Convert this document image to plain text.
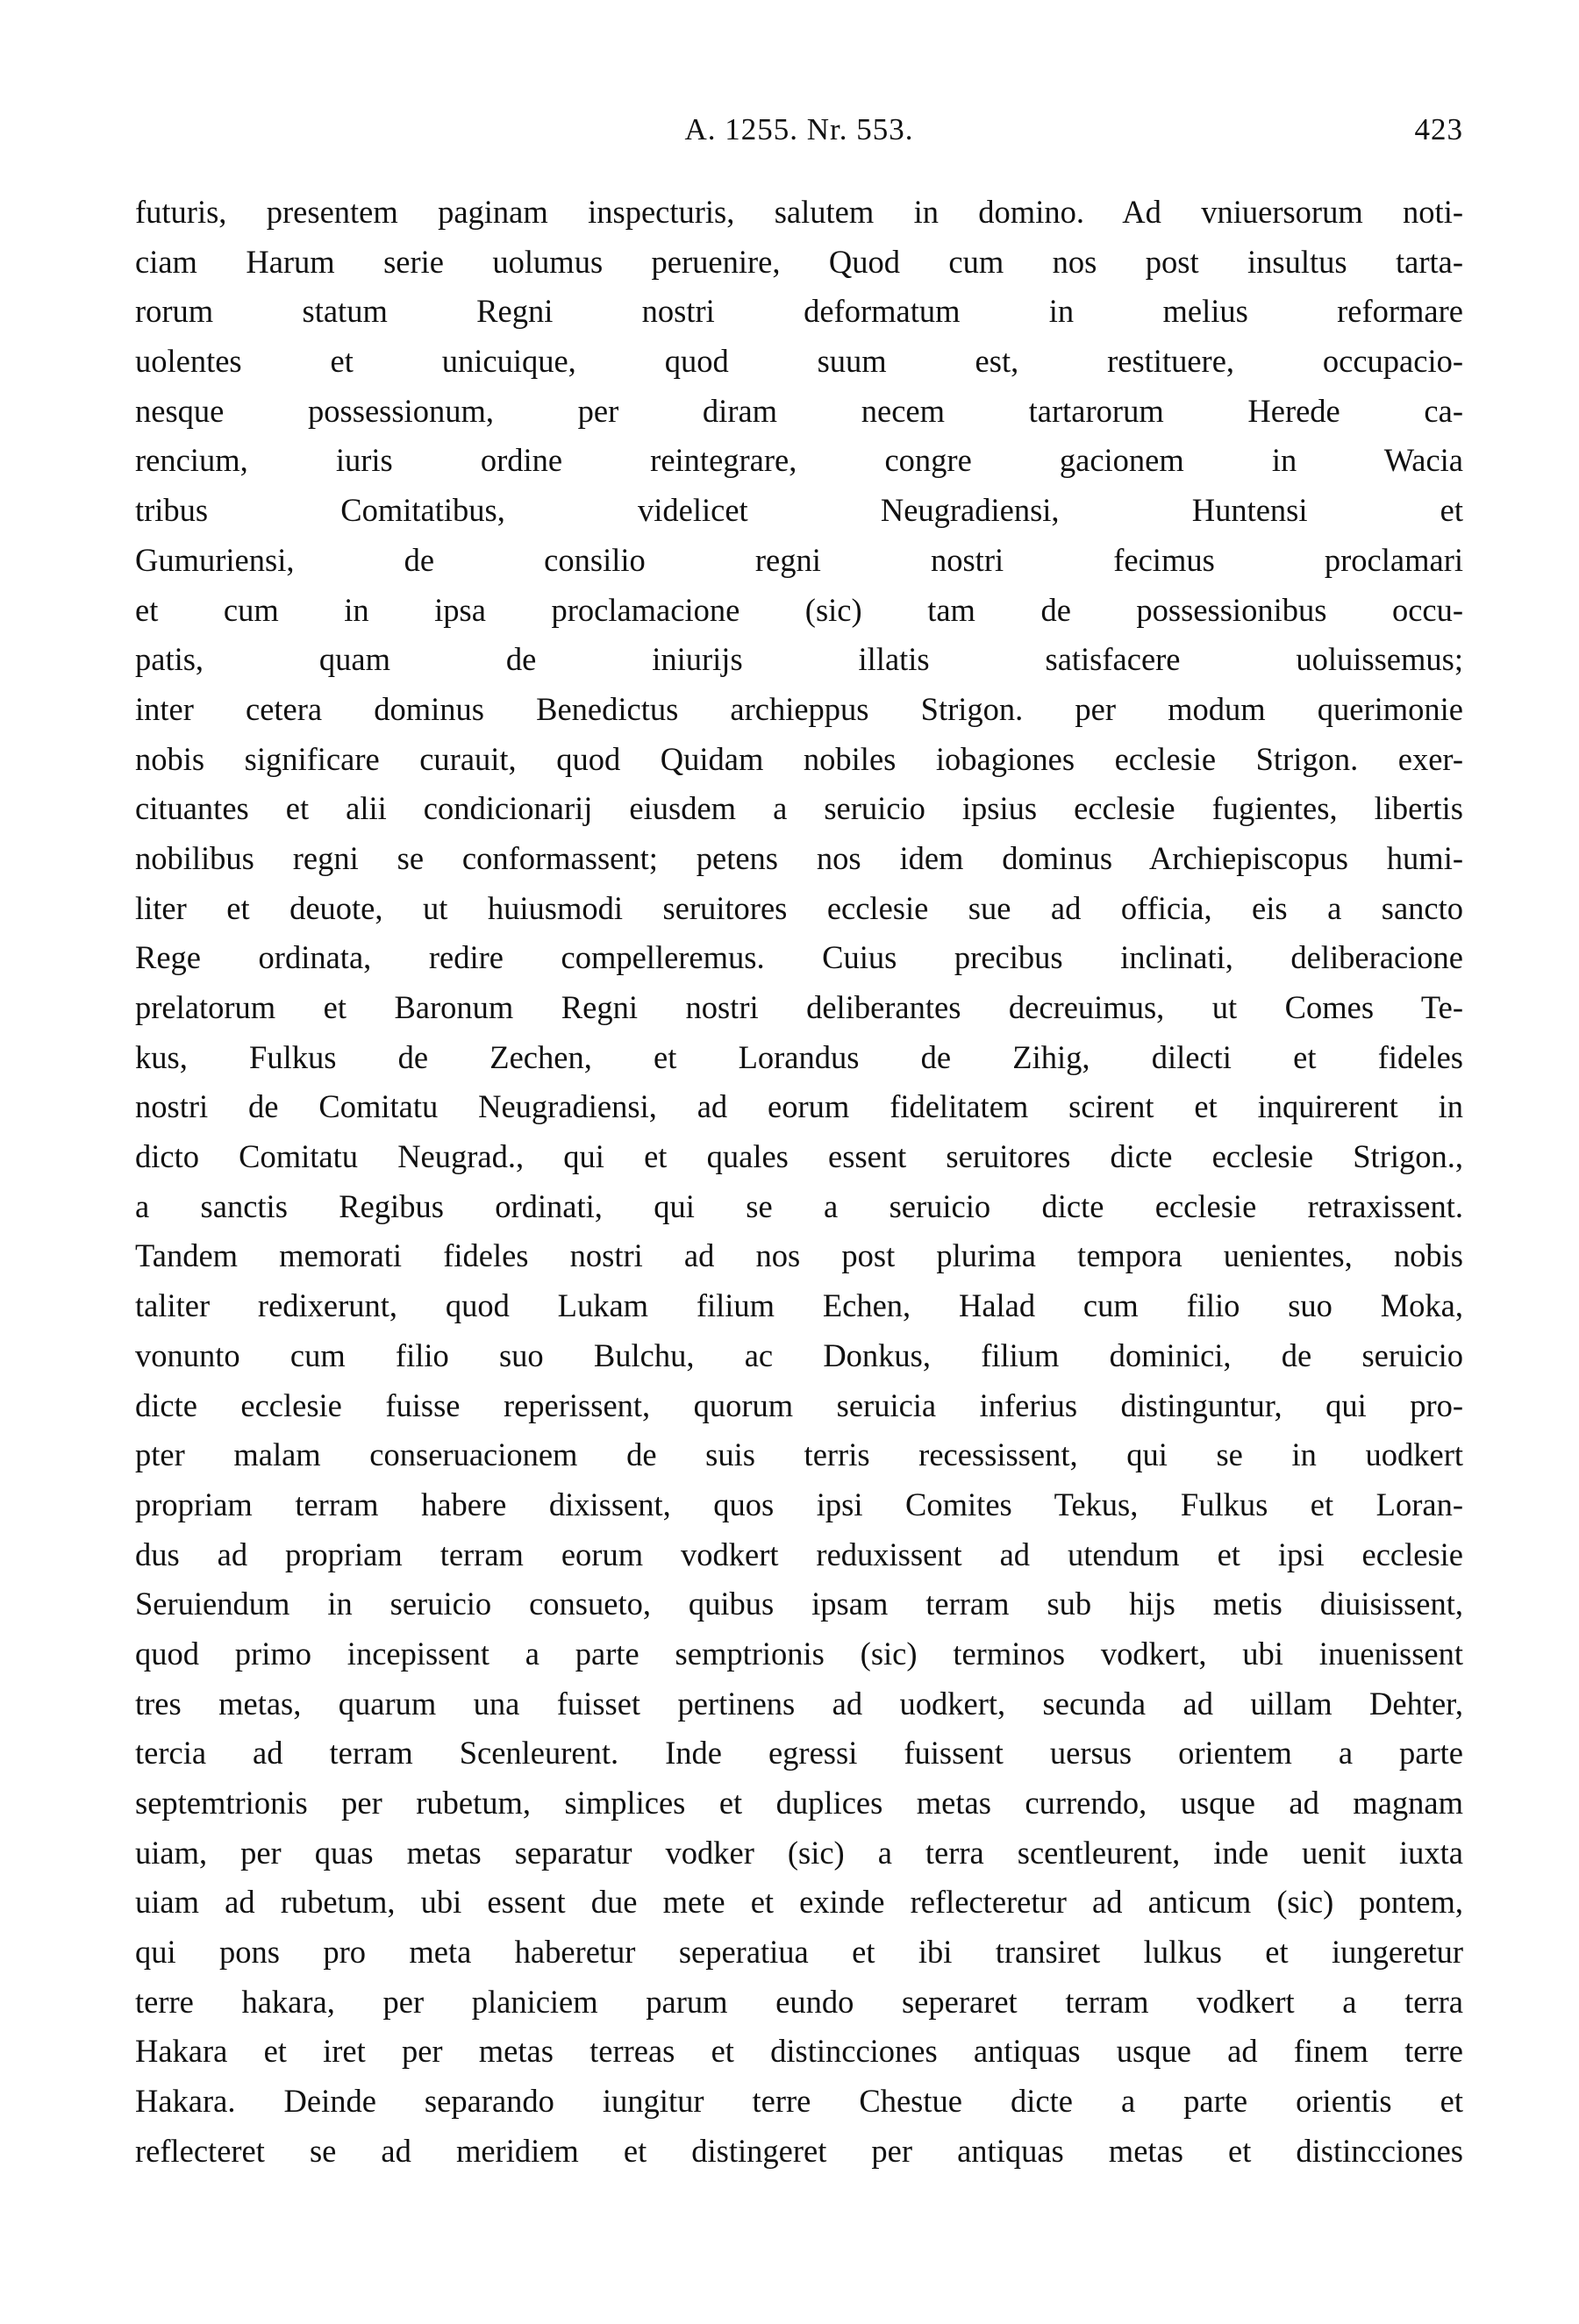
A. 1255. Nr. 553.	423
futuris, presentem paginam inspecturis, salutem in domino. Ad vniuersorum noti-
ciam Harum serie uolumus peruenire, Quod cum nos post insultus tarta-
rorum statum Regni nostri deformatum in melius reformare
uolentes et unicuique, quod suum est, restituere, occupacio-
nesque possessionum, per diram necem tartarorum Herede ca-
rencium, iuris ordine reintegrare, congre gacionem in Wacia
tribus Comitatibus, videlicet Neugradiensi, Huntensi et
Gumuriensi, de consilio regni nostri fecimus proclamari
et cum in ipsa proclamacione (sic) tam de possessionibus occu-
patis, quam de iniurijs illatis satisfacere uoluissemus;
inter cetera dominus Benedictus archieppus Strigon. per modum querimonie
nobis significare curauit, quod Quidam nobiles iobagiones ecclesie Strigon. exer-
cituantes et alii condicionarij eiusdem a seruicio ipsius ecclesie fugientes, libertis
nobilibus regni se conformassent; petens nos idem dominus Archiepiscopus humi-
liter et deuote, ut huiusmodi seruitores ecclesie sue ad officia, eis a sancto
Rege ordinata, redire compelleremus. Cuius precibus inclinati, deliberacione
prelatorum et Baronum Regni nostri deliberantes decreuimus, ut Comes Te-
kus, Fulkus de Zechen, et Lorandus de Zihig, dilecti et fideles
nostri de Comitatu Neugradiensi, ad eorum fidelitatem scirent et inquirerent in
dicto Comitatu Neugrad., qui et quales essent seruitores dicte ecclesie Strigon.,
a sanctis Regibus ordinati, qui se a seruicio dicte ecclesie retraxissent.
Tandem memorati fideles nostri ad nos post plurima tempora uenientes, nobis
taliter redixerunt, quod Lukam filium Echen, Halad cum filio suo Moka,
vonunto cum filio suo Bulchu, ac Donkus, filium dominici, de seruicio
dicte ecclesie fuisse reperissent, quorum seruicia inferius distinguntur, qui pro-
pter malam conseruacionem de suis terris recessissent, qui se in uodkert
propriam terram habere dixissent, quos ipsi Comites Tekus, Fulkus et Loran-
dus ad propriam terram eorum vodkert reduxissent ad utendum et ipsi ecclesie
Seruiendum in seruicio consueto, quibus ipsam terram sub hijs metis diuisissent,
quod primo incepissent a parte semptrionis (sic) terminos vodkert, ubi inuenissent
tres metas, quarum una fuisset pertinens ad uodkert, secunda ad uillam Dehter,
tercia ad terram Scenleurent. Inde egressi fuissent uersus orientem a parte
septemtrionis per rubetum, simplices et duplices metas currendo, usque ad magnam
uiam, per quas metas separatur vodker (sic) a terra scentleurent, inde uenit iuxta
uiam ad rubetum, ubi essent due mete et exinde reflecteretur ad anticum (sic) pontem,
qui pons pro meta haberetur seperatiua et ibi transiret lulkus et iungeretur
terre hakara, per planiciem parum eundo seperaret terram vodkert a terra
Hakara et iret per metas terreas et distincciones antiquas usque ad finem terre
Hakara. Deinde separando iungitur terre Chestue dicte a parte orientis et
reflecteret se ad meridiem et distingeret per antiquas metas et distincciones
